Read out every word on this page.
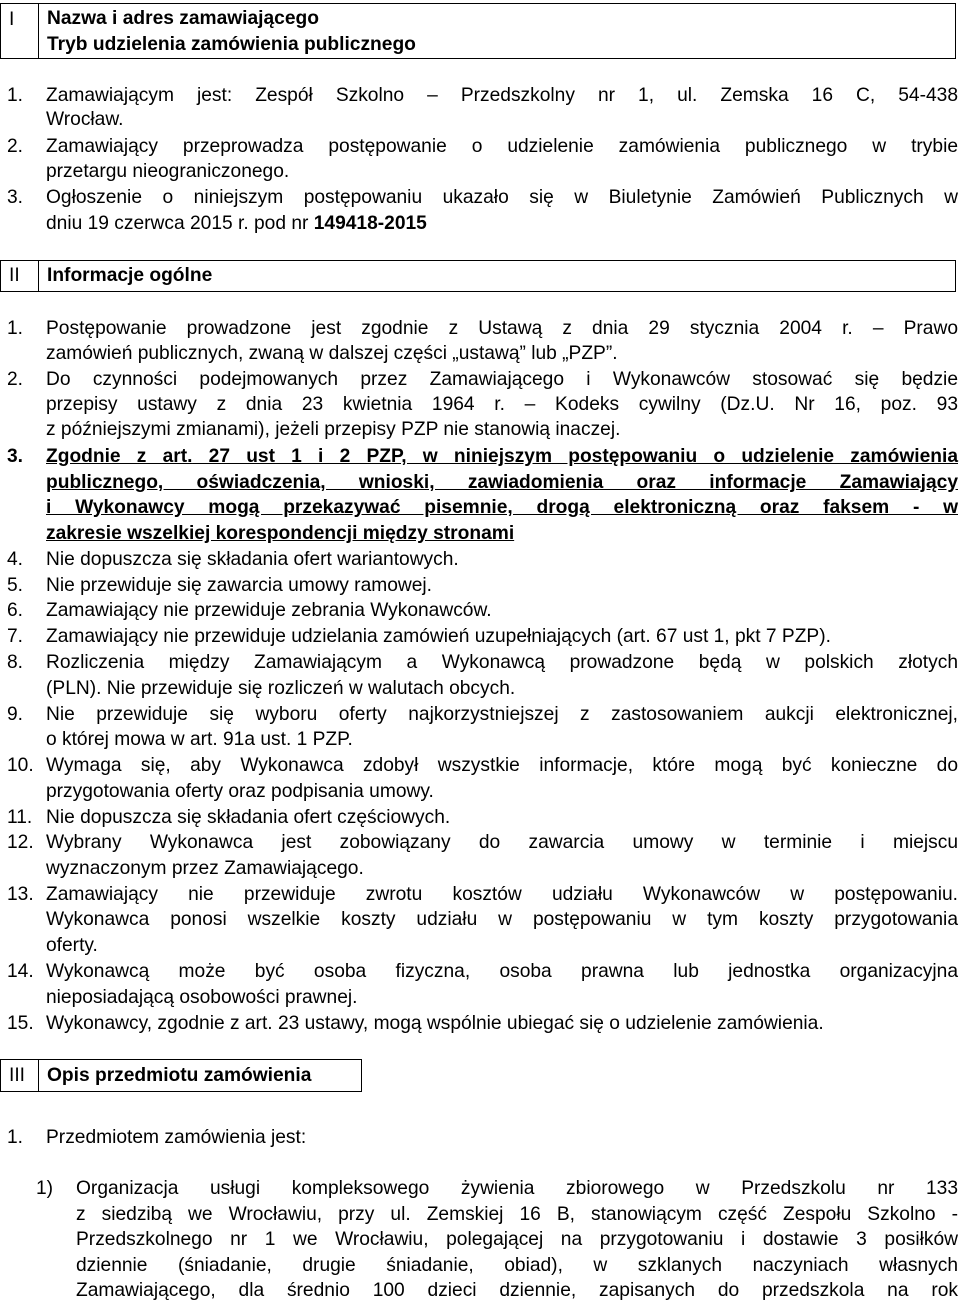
I	Nazwa i adres zamawiającego
Tryb udzielenia zamówienia publicznego
1. Zamawiającym jest: Zespół Szkolno – Przedszkolny nr 1, ul. Zemska 16 C, 54-438
Wrocław.
2. Zamawiający przeprowadza postępowanie o udzielenie zamówienia publicznego w trybie
przetargu nieograniczonego.
3. Ogłoszenie o niniejszym postępowaniu ukazało się w Biuletynie Zamówień Publicznych w
dniu 19 czerwca 2015 r. pod nr 149418-2015
II	Informacje ogólne
1. Postępowanie prowadzone jest zgodnie z Ustawą z dnia 29 stycznia 2004 r. – Prawo
zamówień publicznych, zwaną w dalszej części „ustawą” lub „PZP”.
2. Do czynności podejmowanych przez Zamawiającego i Wykonawców stosować się będzie
przepisy ustawy z dnia 23 kwietnia 1964 r. – Kodeks cywilny (Dz.U. Nr 16, poz. 93
z późniejszymi zmianami), jeżeli przepisy PZP nie stanowią inaczej.
3. Zgodnie z art. 27 ust 1 i 2 PZP, w niniejszym postępowaniu o udzielenie zamówienia
publicznego, oświadczenia, wnioski, zawiadomienia oraz informacje Zamawiający
i Wykonawcy mogą przekazywać pisemnie, drogą elektroniczną oraz faksem - w
zakresie wszelkiej korespondencji między stronami
4. Nie dopuszcza się składania ofert wariantowych.
5. Nie przewiduje się zawarcia umowy ramowej.
6. Zamawiający nie przewiduje zebrania Wykonawców.
7. Zamawiający nie przewiduje udzielania zamówień uzupełniających (art. 67 ust 1, pkt 7 PZP).
8. Rozliczenia między Zamawiającym a Wykonawcą prowadzone będą w polskich złotych
(PLN). Nie przewiduje się rozliczeń w walutach obcych.
9. Nie przewiduje się wyboru oferty najkorzystniejszej z zastosowaniem aukcji elektronicznej,
o której mowa w art. 91a ust. 1 PZP.
10. Wymaga się, aby Wykonawca zdobył wszystkie informacje, które mogą być konieczne do
przygotowania oferty oraz podpisania umowy.
11. Nie dopuszcza się składania ofert częściowych.
12. Wybrany Wykonawca jest zobowiązany do zawarcia umowy w terminie i miejscu
wyznaczonym przez Zamawiającego.
13. Zamawiający nie przewiduje zwrotu kosztów udziału Wykonawców w postępowaniu.
Wykonawca ponosi wszelkie koszty udziału w postępowaniu w tym koszty przygotowania
oferty.
14. Wykonawcą może być osoba fizyczna, osoba prawna lub jednostka organizacyjna
nieposiadającą osobowości prawnej.
15. Wykonawcy, zgodnie z art. 23 ustawy, mogą wspólnie ubiegać się o udzielenie zamówienia.
III	Opis przedmiotu zamówienia
1. Przedmiotem zamówienia jest:
1) Organizacja usługi kompleksowego żywienia zbiorowego w Przedszkolu nr 133
z siedzibą we Wrocławiu, przy ul. Zemskiej 16 B, stanowiącym część Zespołu Szkolno -
Przedszkolnego nr 1 we Wrocławiu, polegającej na przygotowaniu i dostawie 3 posiłków
dziennie (śniadanie, drugie śniadanie, obiad), w szklanych naczyniach własnych
Zamawiającego, dla średnio 100 dzieci dziennie, zapisanych do przedszkola na rok
